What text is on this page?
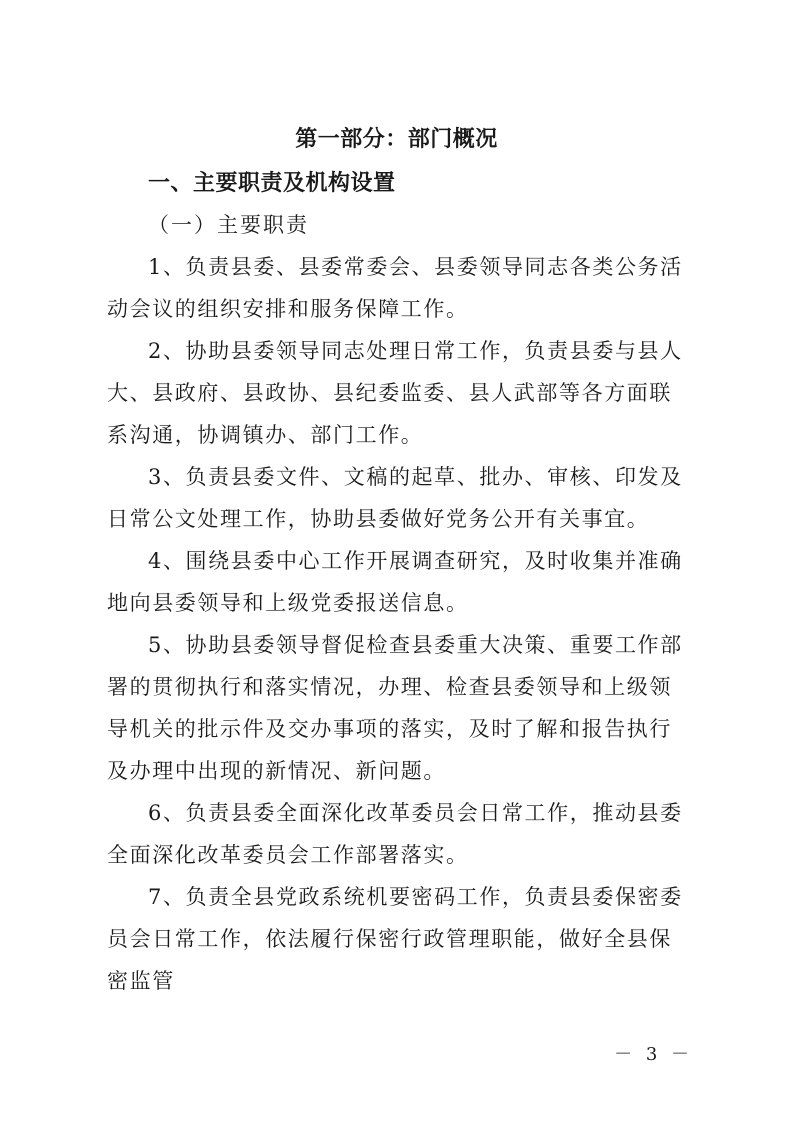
第一部分：部门概况
一、主要职责及机构设置
（一）主要职责

1、负责县委、县委常委会、县委领导同志各类公务活动会议的组织安排和服务保障工作。

2、协助县委领导同志处理日常工作，负责县委与县人大、县政府、县政协、县纪委监委、县人武部等各方面联系沟通，协调镇办、部门工作。

3、负责县委文件、文稿的起草、批办、审核、印发及日常公文处理工作，协助县委做好党务公开有关事宜。

4、围绕县委中心工作开展调查研究，及时收集并准确地向县委领导和上级党委报送信息。

5、协助县委领导督促检查县委重大决策、重要工作部署的贯彻执行和落实情况，办理、检查县委领导和上级领导机关的批示件及交办事项的落实，及时了解和报告执行及办理中出现的新情况、新问题。

6、负责县委全面深化改革委员会日常工作，推动县委全面深化改革委员会工作部署落实。

7、负责全县党政系统机要密码工作，负责县委保密委员会日常工作，依法履行保密行政管理职能，做好全县保密监管

－ 3 －
